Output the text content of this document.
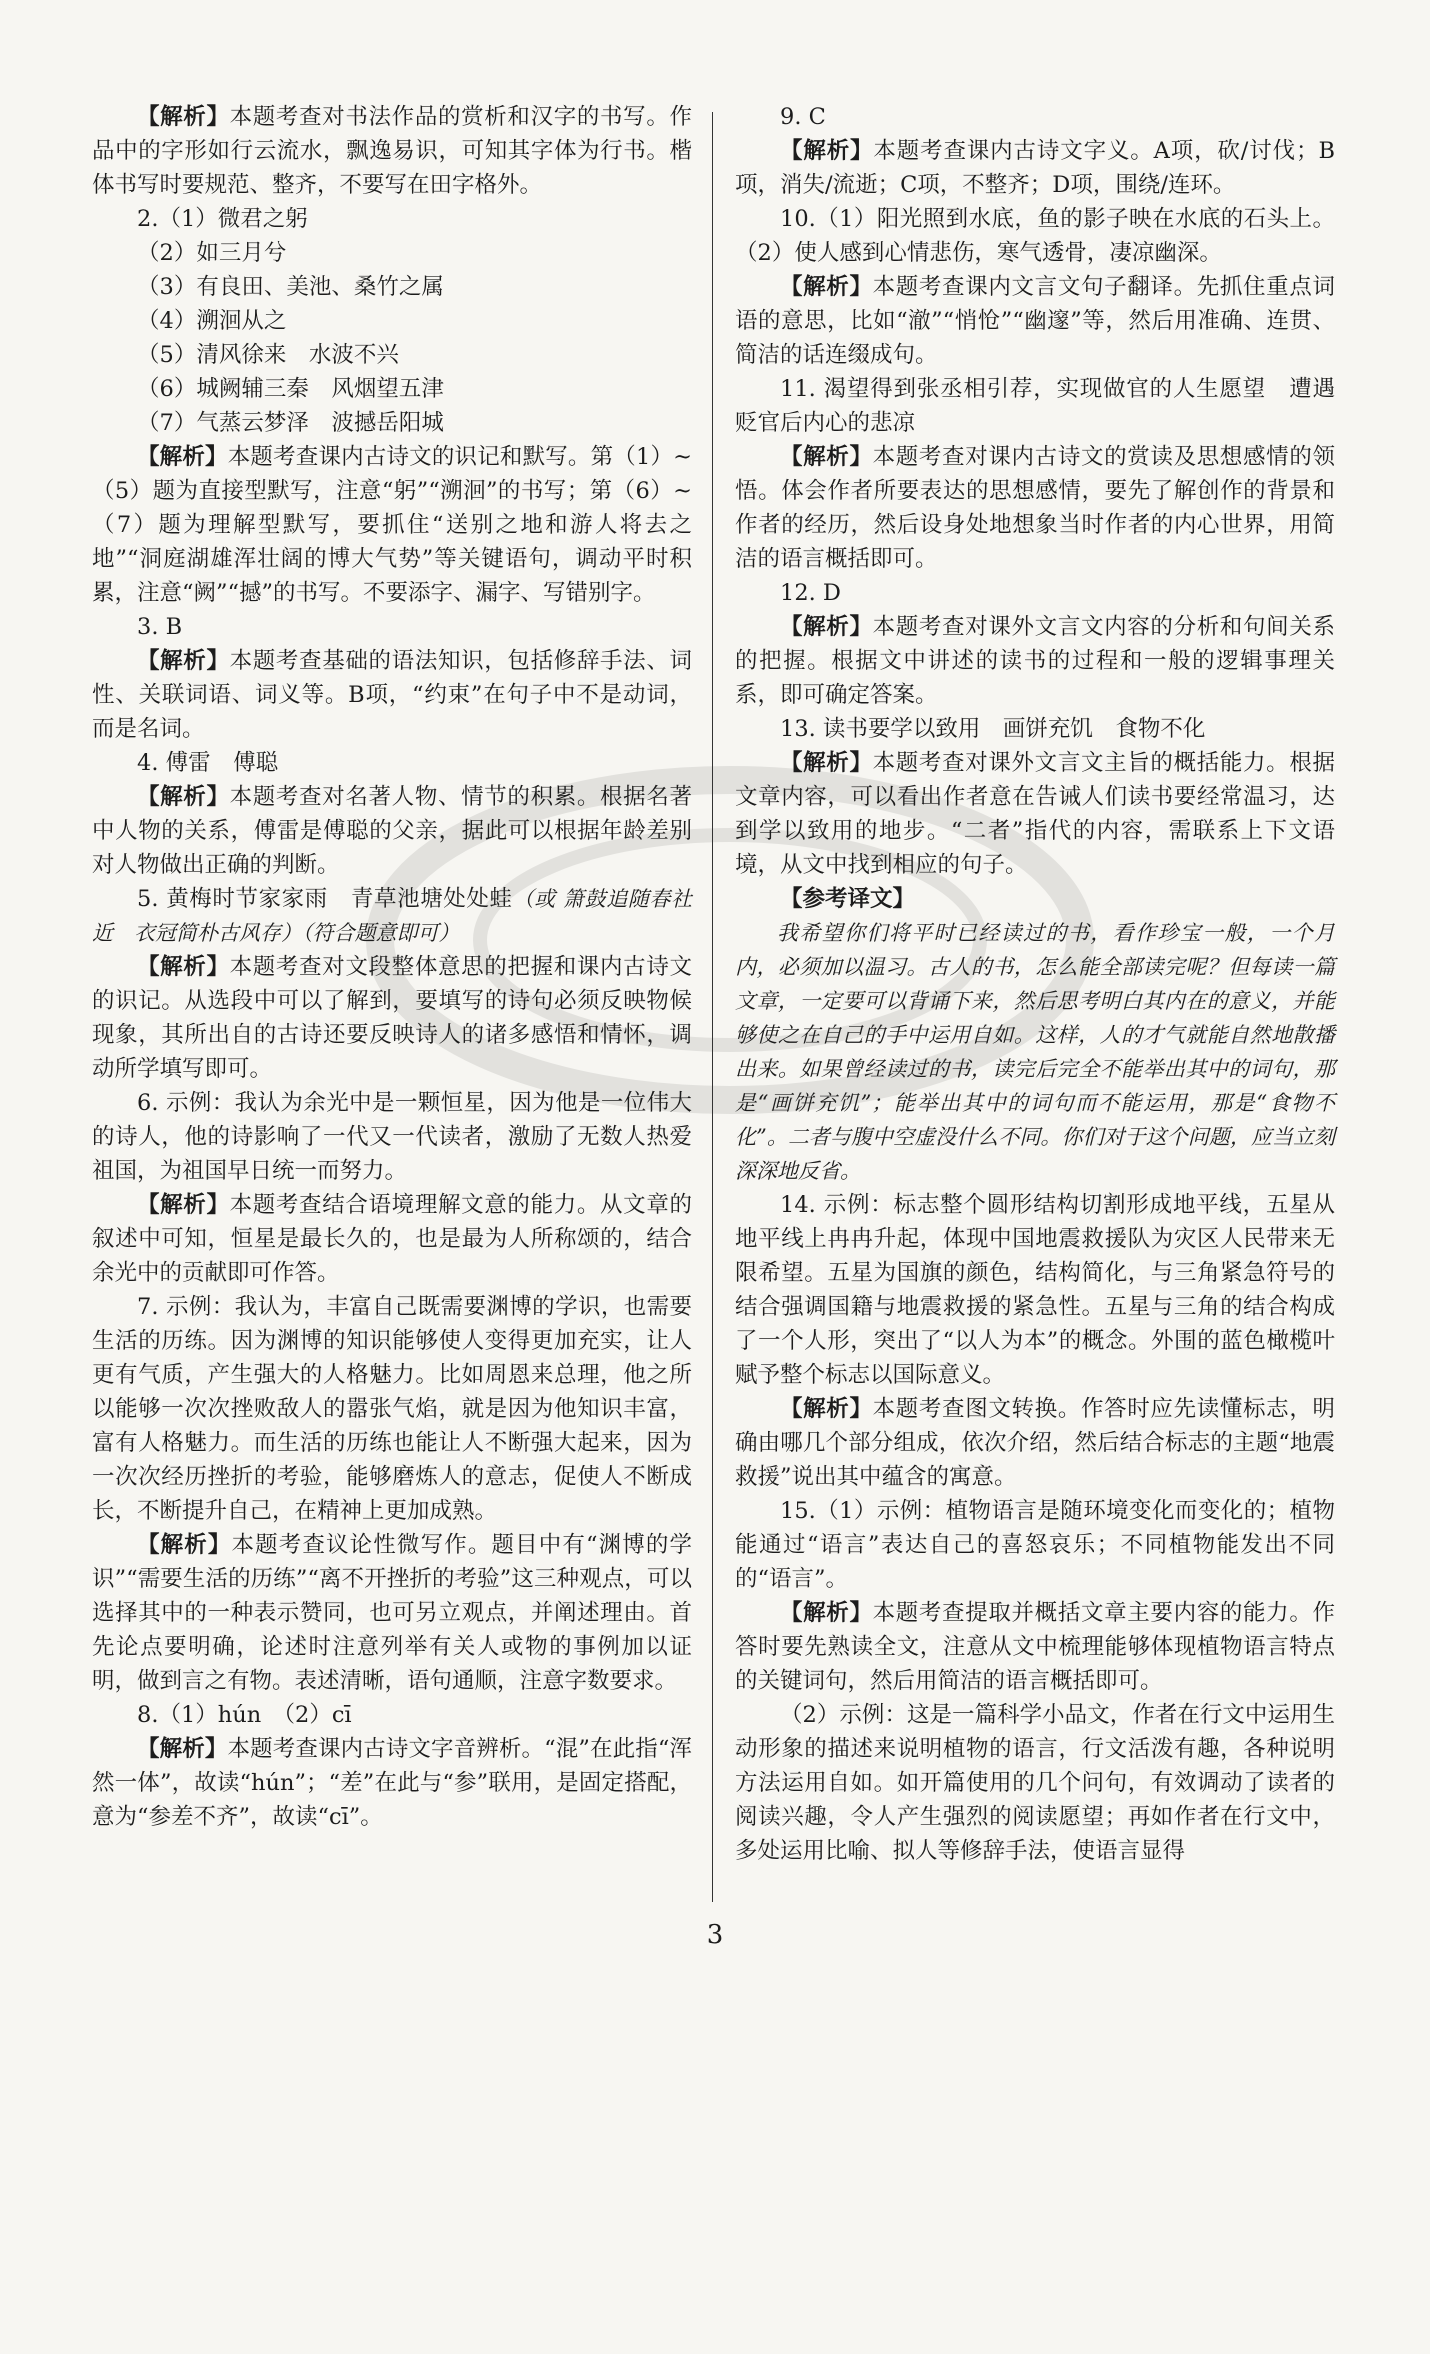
【解析】本题考查对书法作品的赏析和汉字的书写。作品中的字形如行云流水，飘逸易识，可知其字体为行书。楷体书写时要规范、整齐，不要写在田字格外。

2.（1）微君之躬

（2）如三月兮

（3）有良田、美池、桑竹之属

（4）溯洄从之

（5）清风徐来　水波不兴

（6）城阙辅三秦　风烟望五津

（7）气蒸云梦泽　波撼岳阳城

【解析】本题考查课内古诗文的识记和默写。第（1）~（5）题为直接型默写，注意“躬”“溯洄”的书写；第（6）~（7）题为理解型默写，要抓住“送别之地和游人将去之地”“洞庭湖雄浑壮阔的博大气势”等关键语句，调动平时积累，注意“阙”“撼”的书写。不要添字、漏字、写错别字。

3. B

【解析】本题考查基础的语法知识，包括修辞手法、词性、关联词语、词义等。B项，“约束”在句子中不是动词，而是名词。

4. 傅雷　傅聪

【解析】本题考查对名著人物、情节的积累。根据名著中人物的关系，傅雷是傅聪的父亲，据此可以根据年龄差别对人物做出正确的判断。

5. 黄梅时节家家雨　青草池塘处处蛙（或 箫鼓追随春社近　衣冠简朴古风存）（符合题意即可）

【解析】本题考查对文段整体意思的把握和课内古诗文的识记。从选段中可以了解到，要填写的诗句必须反映物候现象，其所出自的古诗还要反映诗人的诸多感悟和情怀，调动所学填写即可。

6. 示例：我认为余光中是一颗恒星，因为他是一位伟大的诗人，他的诗影响了一代又一代读者，激励了无数人热爱祖国，为祖国早日统一而努力。

【解析】本题考查结合语境理解文意的能力。从文章的叙述中可知，恒星是最长久的，也是最为人所称颂的，结合余光中的贡献即可作答。

7. 示例：我认为，丰富自己既需要渊博的学识，也需要生活的历练。因为渊博的知识能够使人变得更加充实，让人更有气质，产生强大的人格魅力。比如周恩来总理，他之所以能够一次次挫败敌人的嚣张气焰，就是因为他知识丰富，富有人格魅力。而生活的历练也能让人不断强大起来，因为一次次经历挫折的考验，能够磨炼人的意志，促使人不断成长，不断提升自己，在精神上更加成熟。

【解析】本题考查议论性微写作。题目中有“渊博的学识”“需要生活的历练”“离不开挫折的考验”这三种观点，可以选择其中的一种表示赞同，也可另立观点，并阐述理由。首先论点要明确，论述时注意列举有关人或物的事例加以证明，做到言之有物。表述清晰，语句通顺，注意字数要求。

8.（1）hún　（2）cī

【解析】本题考查课内古诗文字音辨析。“混”在此指“浑然一体”，故读“hún”；“差”在此与“参”联用，是固定搭配，意为“参差不齐”，故读“cī”。

9. C

【解析】本题考查课内古诗文字义。A项，砍/讨伐；B项，消失/流逝；C项，不整齐；D项，围绕/连环。

10.（1）阳光照到水底，鱼的影子映在水底的石头上。（2）使人感到心情悲伤，寒气透骨，凄凉幽深。

【解析】本题考查课内文言文句子翻译。先抓住重点词语的意思，比如“澈”“悄怆”“幽邃”等，然后用准确、连贯、简洁的话连缀成句。

11. 渴望得到张丞相引荐，实现做官的人生愿望　遭遇贬官后内心的悲凉

【解析】本题考查对课内古诗文的赏读及思想感情的领悟。体会作者所要表达的思想感情，要先了解创作的背景和作者的经历，然后设身处地想象当时作者的内心世界，用简洁的语言概括即可。

12. D

【解析】本题考查对课外文言文内容的分析和句间关系的把握。根据文中讲述的读书的过程和一般的逻辑事理关系，即可确定答案。

13. 读书要学以致用　画饼充饥　食物不化

【解析】本题考查对课外文言文主旨的概括能力。根据文章内容，可以看出作者意在告诫人们读书要经常温习，达到学以致用的地步。“二者”指代的内容，需联系上下文语境，从文中找到相应的句子。

【参考译文】

我希望你们将平时已经读过的书，看作珍宝一般，一个月内，必须加以温习。古人的书，怎么能全部读完呢？但每读一篇文章，一定要可以背诵下来，然后思考明白其内在的意义，并能够使之在自己的手中运用自如。这样，人的才气就能自然地散播出来。如果曾经读过的书，读完后完全不能举出其中的词句，那是“画饼充饥”；能举出其中的词句而不能运用，那是“食物不化”。二者与腹中空虚没什么不同。你们对于这个问题，应当立刻深深地反省。

14. 示例：标志整个圆形结构切割形成地平线，五星从地平线上冉冉升起，体现中国地震救援队为灾区人民带来无限希望。五星为国旗的颜色，结构简化，与三角紧急符号的结合强调国籍与地震救援的紧急性。五星与三角的结合构成了一个人形，突出了“以人为本”的概念。外围的蓝色橄榄叶赋予整个标志以国际意义。

【解析】本题考查图文转换。作答时应先读懂标志，明确由哪几个部分组成，依次介绍，然后结合标志的主题“地震救援”说出其中蕴含的寓意。

15.（1）示例：植物语言是随环境变化而变化的；植物能通过“语言”表达自己的喜怒哀乐；不同植物能发出不同的“语言”。

【解析】本题考查提取并概括文章主要内容的能力。作答时要先熟读全文，注意从文中梳理能够体现植物语言特点的关键词句，然后用简洁的语言概括即可。

（2）示例：这是一篇科学小品文，作者在行文中运用生动形象的描述来说明植物的语言，行文活泼有趣，各种说明方法运用自如。如开篇使用的几个问句，有效调动了读者的阅读兴趣，令人产生强烈的阅读愿望；再如作者在行文中，多处运用比喻、拟人等修辞手法，使语言显得

3
